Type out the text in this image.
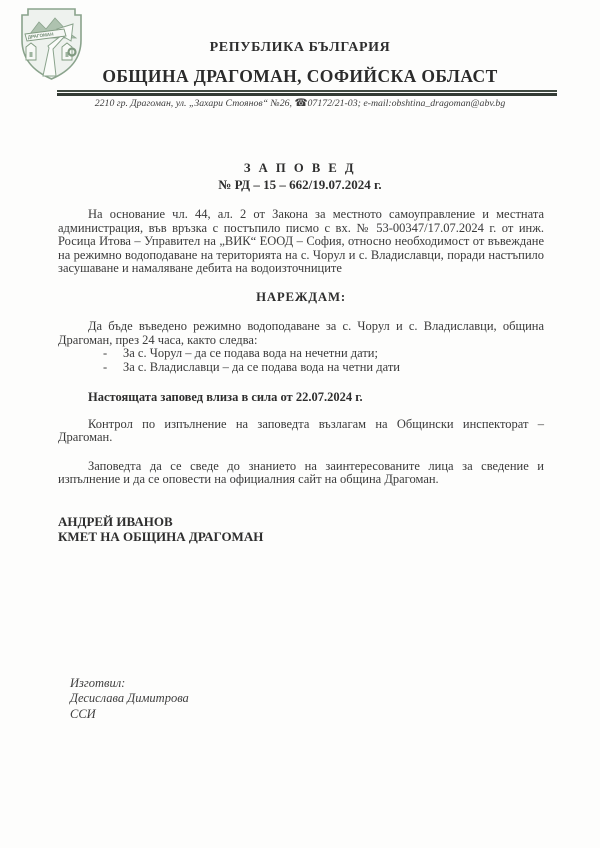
ДРАГОМАН
РЕПУБЛИКА БЪЛГАРИЯ
ОБЩИНА ДРАГОМАН, СОФИЙСКА ОБЛАСТ
2210 гр. Драгоман, ул. „Захари Стоянов“ №26, ☎07172/21-03; e-mail:obshtina_dragoman@abv.bg
З А П О В Е Д
№ РД – 15 – 662/19.07.2024 г.

На основание чл. 44, ал. 2 от Закона за местното самоуправление и местната администрация, във връзка с постъпило писмо с вх. № 53-00347/17.07.2024 г. от инж. Росица Итова – Управител на „ВИК“ ЕООД – София, относно необходимост от въвеждане на режимно водоподаване на територията на с. Чорул и с. Владиславци, поради настъпило засушаване и намаляване дебита на водоизточниците

НАРЕЖДАМ:

Да бъде въведено режимно водоподаване за с. Чорул и с. Владиславци, община Драгоман, през 24 часа, както следва:

-	За с. Чорул – да се подава вода на нечетни дати;
-	За с. Владиславци – да се подава вода на четни дати

Настоящата заповед влиза в сила от 22.07.2024 г.

Контрол по изпълнение на заповедта възлагам на Общински инспекторат – Драгоман.

Заповедта да се сведе до знанието на заинтересованите лица за сведение и изпълнение и да се оповести на официалния сайт на община Драгоман.

АНДРЕЙ ИВАНОВ
КМЕТ НА ОБЩИНА ДРАГОМАН
Изготвил:
Десислава Димитрова
ССИ
